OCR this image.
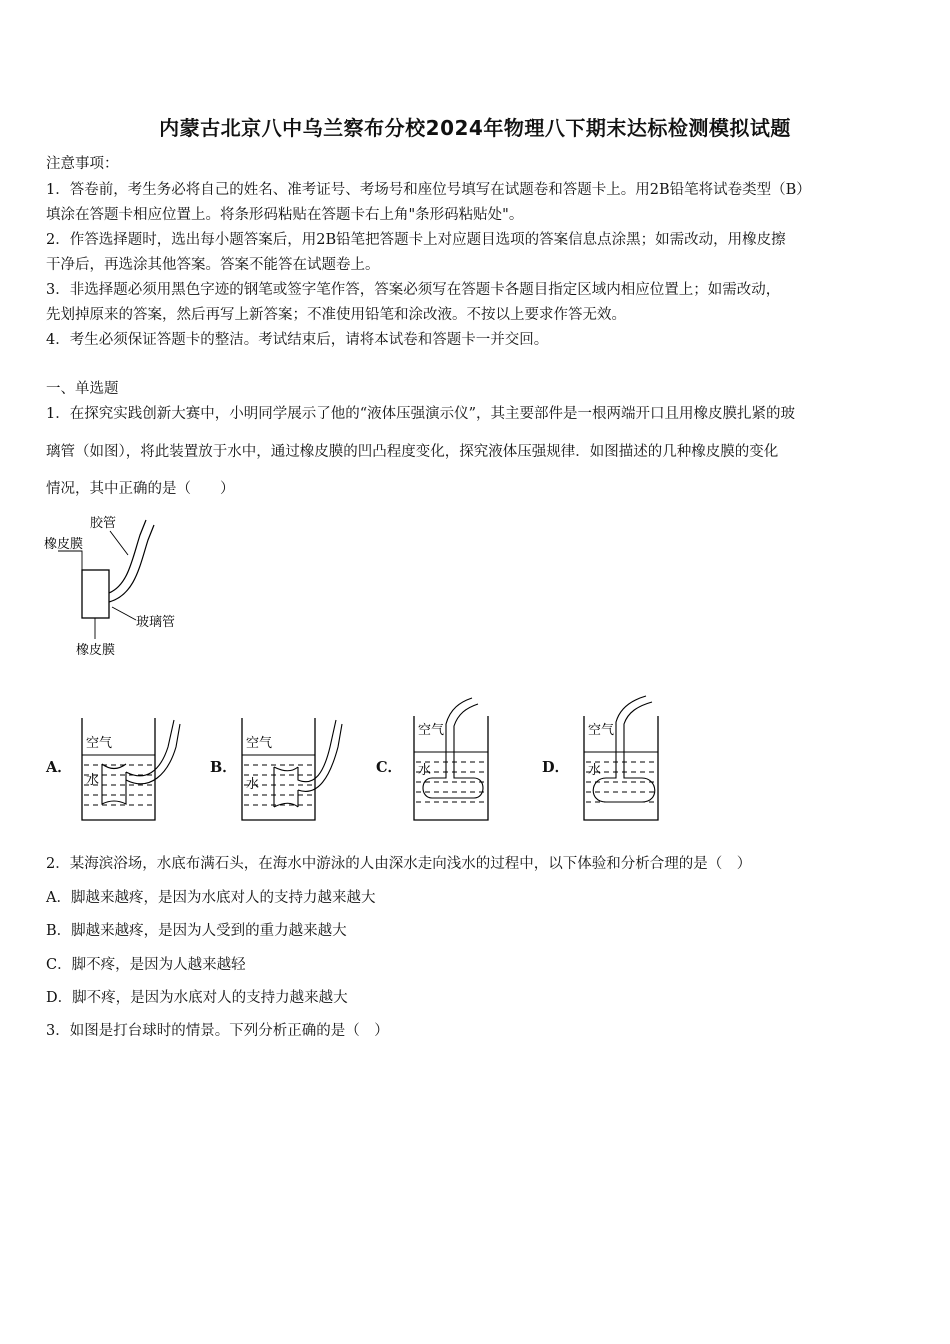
内蒙古北京八中乌兰察布分校2024年物理八下期末达标检测模拟试题
注意事项：
1．答卷前，考生务必将自己的姓名、准考证号、考场号和座位号填写在试题卷和答题卡上。用2B铅笔将试卷类型（B）
填涂在答题卡相应位置上。将条形码粘贴在答题卡右上角"条形码粘贴处"。
2．作答选择题时，选出每小题答案后，用2B铅笔把答题卡上对应题目选项的答案信息点涂黑；如需改动，用橡皮擦
干净后，再选涂其他答案。答案不能答在试题卷上。
3．非选择题必须用黑色字迹的钢笔或签字笔作答，答案必须写在答题卡各题目指定区域内相应位置上；如需改动，
先划掉原来的答案，然后再写上新答案；不准使用铅笔和涂改液。不按以上要求作答无效。
4．考生必须保证答题卡的整洁。考试结束后，请将本试卷和答题卡一并交回。
一、单选题
1．在探究实践创新大赛中，小明同学展示了他的“液体压强演示仪”，其主要部件是一根两端开口且用橡皮膜扎紧的玻
璃管（如图），将此装置放于水中，通过橡皮膜的凹凸程度变化，探究液体压强规律．如图描述的几种橡皮膜的变化
情况，其中正确的是（　　）
胶管
橡皮膜
玻璃管
橡皮膜
A．
空气
水
B．
空气
水
C．
空气
水	D．
空气
水
2．某海滨浴场，水底布满石头，在海水中游泳的人由深水走向浅水的过程中，以下体验和分析合理的是（　）
A．脚越来越疼，是因为水底对人的支持力越来越大
B．脚越来越疼，是因为人受到的重力越来越大
C．脚不疼，是因为人越来越轻
D．脚不疼，是因为水底对人的支持力越来越大
3．如图是打台球时的情景。下列分析正确的是（　）
